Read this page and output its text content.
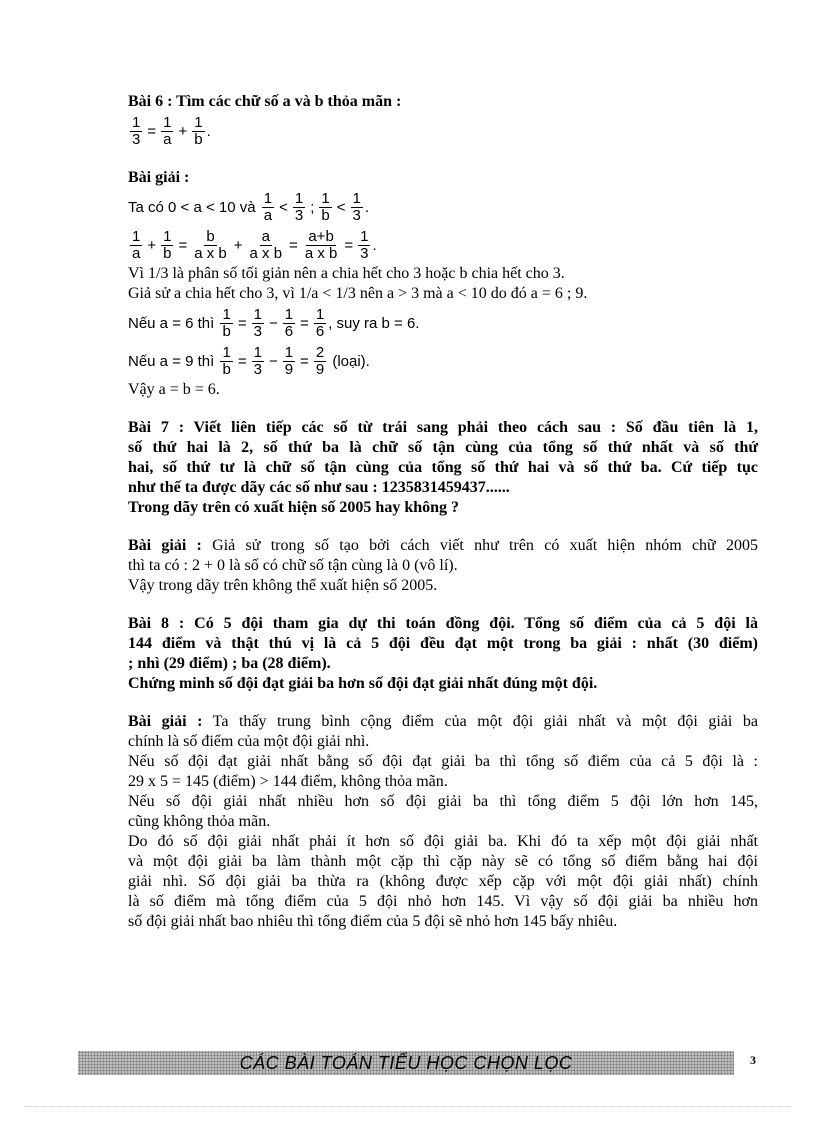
Bài 6 : Tìm các chữ số a và b thỏa mãn :
$\frac{1}{3} = \frac{1}{a} + \frac{1}{b}$ .
Bài giải :
Ta có 0 < a < 10 và
$\frac{1}{a} < \frac{1}{3}$ ; $\frac{1}{b} < \frac{1}{3}$ .
$\frac{1}{a} + \frac{1}{b} = \frac{b}{\text{a x b}} + \frac{a}{\text{a x b}} = \frac{a+b}{\text{a x b}} = \frac{1}{3}$ .
Vì 1/3 là phân số tối giản nên a chia hết cho 3 hoặc b chia hết cho 3.
Giả sử a chia hết cho 3, vì 1/a < 1/3 nên a > 3 mà a < 10 do đó a = 6 ; 9.
Nếu a = 6 thì
$\frac{1}{b} = \frac{1}{3} - \frac{1}{6} = \frac{1}{6}$ , suy ra b = 6.
Nếu a = 9 thì
$\frac{1}{b} = \frac{1}{3} - \frac{1}{9} = \frac{2}{9}$
(loại).
Vậy a = b = 6.
Bài 7 : Viết liên tiếp các số từ trái sang phải theo cách sau : Số đầu tiên là 1,
số thứ hai là 2, số thứ ba là chữ số tận cùng của tổng số thứ nhất và số thứ
hai, số thứ tư là chữ số tận cùng của tổng số thứ hai và số thứ ba. Cứ tiếp tục
như thế ta được dãy các số như sau : 1235831459437......
Trong dãy trên có xuất hiện số 2005 hay không ?
Bài giải : Giả sử trong số tạo bởi cách viết như trên có xuất hiện nhóm chữ 2005
thì ta có : 2 + 0 là số có chữ số tận cùng là 0 (vô lí).
Vậy trong dãy trên không thể xuất hiện số 2005.
Bài 8 : Có 5 đội tham gia dự thi toán đồng đội. Tổng số điểm của cả 5 đội là
144 điểm và thật thú vị là cả 5 đội đều đạt một trong ba giải : nhất (30 điểm)
; nhì (29 điểm) ; ba (28 điểm).
Chứng minh số đội đạt giải ba hơn số đội đạt giải nhất đúng một đội.
Bài giải : Ta thấy trung bình cộng điểm của một đội giải nhất và một đội giải ba
chính là số điểm của một đội giải nhì.
Nếu số đội đạt giải nhất bằng số đội đạt giải ba thì tổng số điểm của cả 5 đội là :
29 x 5 = 145 (điểm) > 144 điểm, không thỏa mãn.
Nếu số đội giải nhất nhiều hơn số đội giải ba thì tổng điểm 5 đội lớn hơn 145,
cũng không thỏa mãn.
Do đó số đội giải nhất phải ít hơn số đội giải ba. Khi đó ta xếp một đội giải nhất
và một đội giải ba làm thành một cặp thì cặp này sẽ có tổng số điểm bằng hai đội
giải nhì. Số đội giải ba thừa ra (không được xếp cặp với một đội giải nhất) chính
là số điểm mà tổng điểm của 5 đội nhỏ hơn 145. Vì vậy số đội giải ba nhiều hơn
số đội giải nhất bao nhiêu thì tổng điểm của 5 đội sẽ nhỏ hơn 145 bấy nhiêu.
CÁC BÀI TOÁN TIỂU HỌC CHỌN LỌC	3
